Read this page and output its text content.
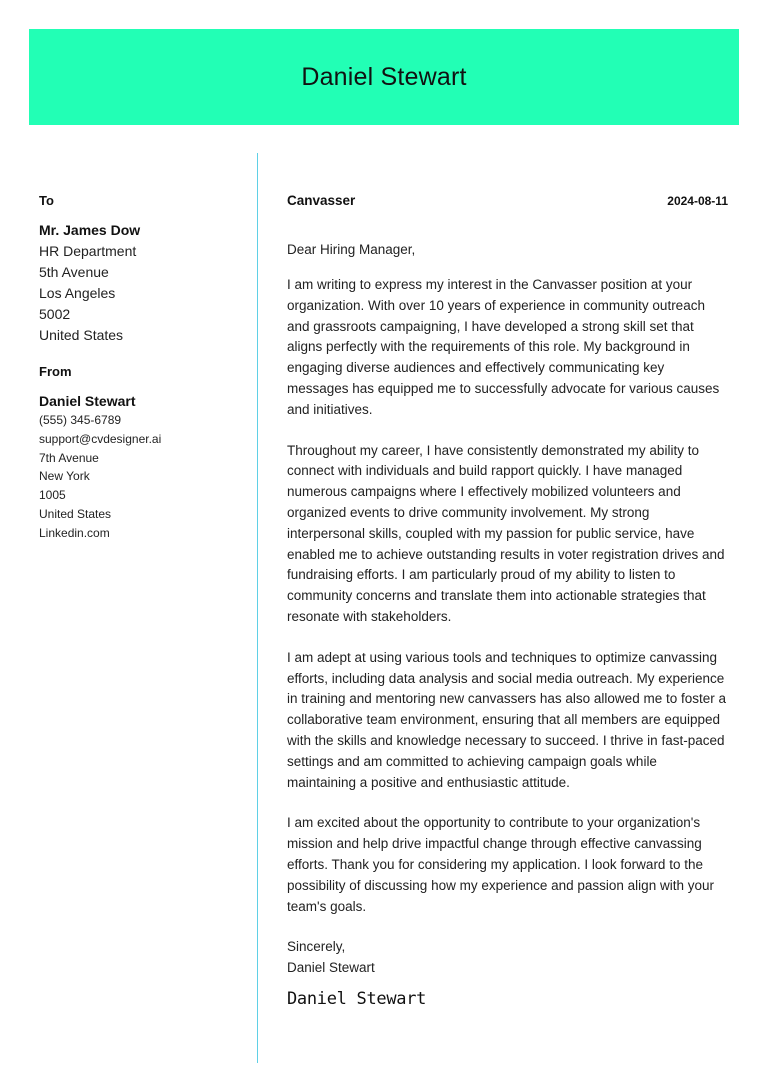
Daniel Stewart
To
Mr. James Dow
HR Department
5th Avenue
Los Angeles
5002
United States
From
Daniel Stewart
(555) 345-6789
support@cvdesigner.ai
7th Avenue
New York
1005
United States
Linkedin.com
Canvasser	2024-08-11
Dear Hiring Manager,

I am writing to express my interest in the Canvasser position at your organization. With over 10 years of experience in community outreach and grassroots campaigning, I have developed a strong skill set that aligns perfectly with the requirements of this role. My background in engaging diverse audiences and effectively communicating key messages has equipped me to successfully advocate for various causes and initiatives.

Throughout my career, I have consistently demonstrated my ability to connect with individuals and build rapport quickly. I have managed numerous campaigns where I effectively mobilized volunteers and organized events to drive community involvement. My strong interpersonal skills, coupled with my passion for public service, have enabled me to achieve outstanding results in voter registration drives and fundraising efforts. I am particularly proud of my ability to listen to community concerns and translate them into actionable strategies that resonate with stakeholders.

I am adept at using various tools and techniques to optimize canvassing efforts, including data analysis and social media outreach. My experience in training and mentoring new canvassers has also allowed me to foster a collaborative team environment, ensuring that all members are equipped with the skills and knowledge necessary to succeed. I thrive in fast-paced settings and am committed to achieving campaign goals while maintaining a positive and enthusiastic attitude.

I am excited about the opportunity to contribute to your organization's mission and help drive impactful change through effective canvassing efforts. Thank you for considering my application. I look forward to the possibility of discussing how my experience and passion align with your team's goals.

Sincerely,
Daniel Stewart
Daniel Stewart
